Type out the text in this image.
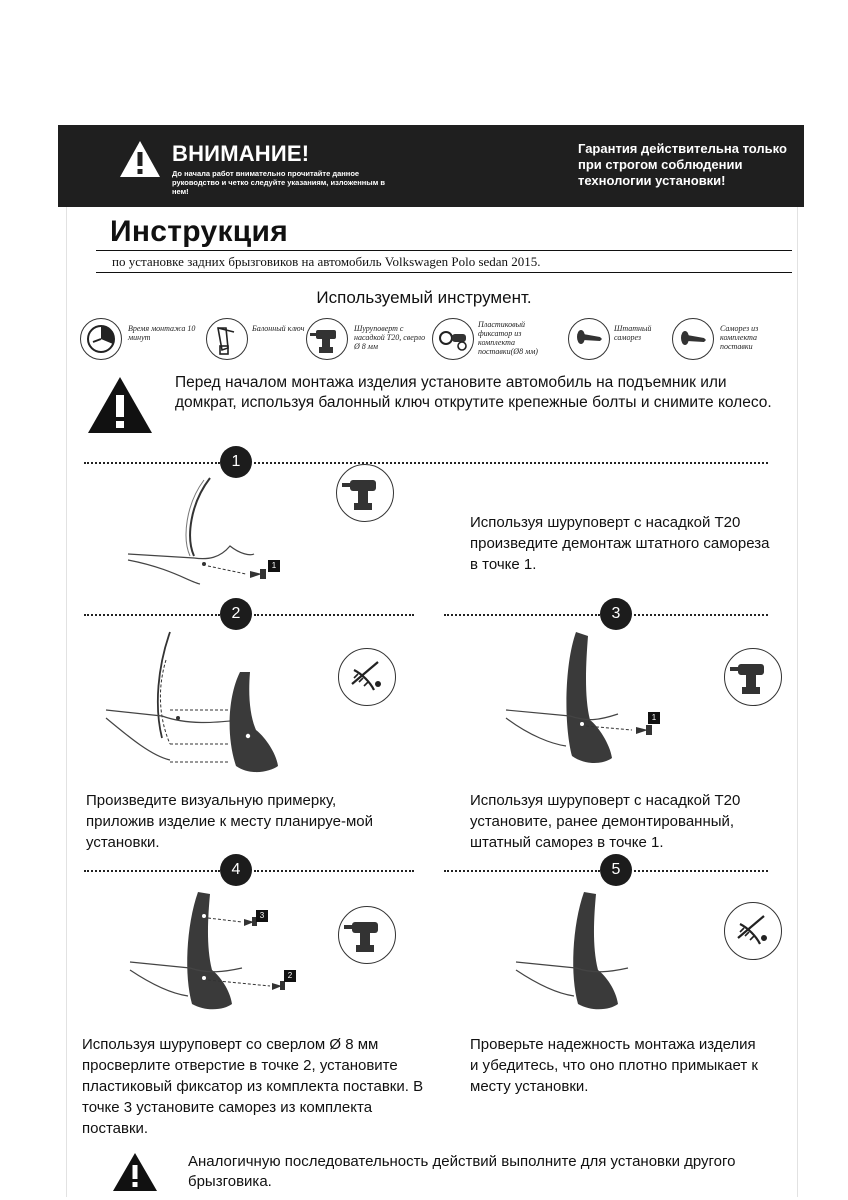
ВНИМАНИЕ!
До начала работ внимательно прочитайте данное руководство и четко следуйте указаниям, изложенным в нем!
Гарантия действительна только при строгом соблюдении технологии установки!
Инструкция
по установке задних брызговиков на автомобиль Volkswagen Polo sedan 2015.
Используемый инструмент.
Время монтажа 10 минут
Балонный ключ	Шуруповерт с насадкой Т20, сверло Ø 8 мм
Пластиковый фиксатор из комплекта поставки(Ø8 мм)
Штатный саморез
Саморез из комплекта поставки
Перед началом монтажа изделия установите автомобиль на подъемник или домкрат, используя балонный ключ открутите крепежные болты и снимите колесо.
1
1
Используя шуруповерт с насадкой Т20 произведите демонтаж штатного самореза в точке 1.
2
Произведите визуальную примерку, приложив изделие к месту планируе-мой установки.
3
1
Используя шуруповерт с насадкой Т20 установите, ранее демонтированный, штатный саморез в точке 1.
4
3
2
Используя шуруповерт со сверлом Ø 8 мм просверлите отверстие в точке 2, установите пластиковый фиксатор из комплекта поставки. В точке 3 установите саморез из комплекта поставки.
5
Проверьте надежность монтажа изделия и убедитесь, что оно плотно примыкает к месту установки.
Аналогичную последовательность действий выполните для установки другого брызговика.
